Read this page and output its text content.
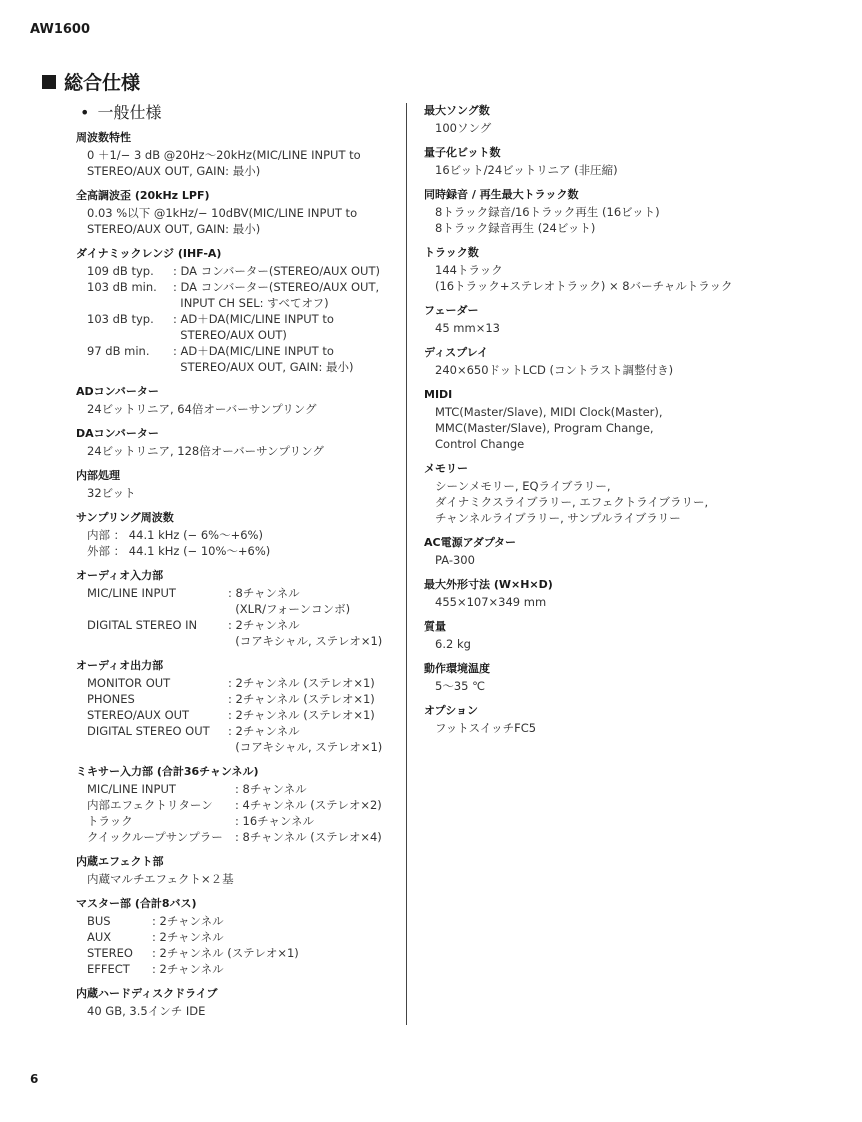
AW1600
総合仕様
• 一般仕様
周波数特性
0 ＋1/− 3 dB @20Hz〜20kHz(MIC/LINE INPUT to
STEREO/AUX OUT, GAIN: 最小)
全高調波歪 (20kHz LPF)
0.03 %以下 @1kHz/− 10dBV(MIC/LINE INPUT to
STEREO/AUX OUT, GAIN: 最小)
ダイナミックレンジ (IHF-A)
109 dB typ.	: DA コンバーター(STEREO/AUX OUT)
103 dB min.	: DA コンバーター(STEREO/AUX OUT,
INPUT CH SEL: すべてオフ)
103 dB typ.	: AD＋DA(MIC/LINE INPUT to
STEREO/AUX OUT)
97 dB min.	: AD＋DA(MIC/LINE INPUT to
STEREO/AUX OUT, GAIN: 最小)
ADコンバーター
24ビットリニア, 64倍オーバーサンプリング
DAコンバーター
24ビットリニア, 128倍オーバーサンプリング
内部処理
32ビット
サンプリング周波数
内部 ： 44.1 kHz (− 6%〜+6%)
外部 ： 44.1 kHz (− 10%〜+6%)
オーディオ入力部
MIC/LINE INPUT	: 8チャンネル
(XLR/フォーンコンボ)
DIGITAL STEREO IN	: 2チャンネル
(コアキシャル, ステレオ×1)
オーディオ出力部
MONITOR OUT	: 2チャンネル (ステレオ×1)
PHONES	: 2チャンネル (ステレオ×1)
STEREO/AUX OUT	: 2チャンネル (ステレオ×1)
DIGITAL STEREO OUT	: 2チャンネル
(コアキシャル, ステレオ×1)
ミキサー入力部 (合計36チャンネル)
MIC/LINE INPUT	: 8チャンネル
内部エフェクトリターン	: 4チャンネル (ステレオ×2)
トラック	: 16チャンネル
クイックループサンプラー	: 8チャンネル (ステレオ×4)
内蔵エフェクト部
内蔵マルチエフェクト×２基
マスター部 (合計8バス)
BUS	: 2チャンネル
AUX	: 2チャンネル
STEREO	: 2チャンネル (ステレオ×1)
EFFECT	: 2チャンネル
内蔵ハードディスクドライブ
40 GB, 3.5インチ IDE
最大ソング数
100ソング
量子化ビット数
16ビット/24ビットリニア (非圧縮)
同時録音 / 再生最大トラック数
8トラック録音/16トラック再生 (16ビット)
8トラック録音再生 (24ビット)
トラック数
144トラック
(16トラック+ステレオトラック) × 8バーチャルトラック
フェーダー
45 mm×13
ディスプレイ
240×650ドットLCD (コントラスト調整付き)
MIDI
MTC(Master/Slave), MIDI Clock(Master),
MMC(Master/Slave), Program Change,
Control Change
メモリー
シーンメモリー, EQライブラリー,
ダイナミクスライブラリー, エフェクトライブラリー,
チャンネルライブラリー, サンプルライブラリー
AC電源アダプター
PA-300
最大外形寸法 (W×H×D)
455×107×349 mm
質量
6.2 kg
動作環境温度
5〜35 ℃
オプション
フットスイッチFC5
6
